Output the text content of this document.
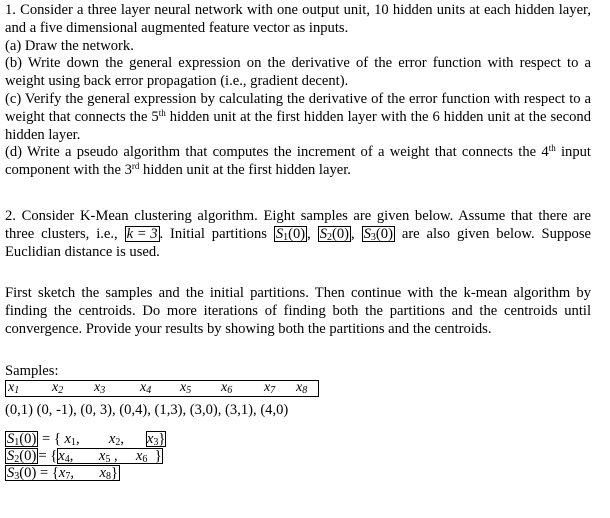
1. Consider a three layer neural network with one output unit, 10 hidden units at each hidden layer, and a five dimensional augmented feature vector as inputs.

(a) Draw the network.

(b) Write down the general expression on the derivative of the error function with respect to a weight using back error propagation (i.e., gradient decent).

(c) Verify the general expression by calculating the derivative of the error function with respect to a weight that connects the 5th hidden unit at the first hidden layer with the 6 hidden unit at the second hidden layer.

(d) Write a pseudo algorithm that computes the increment of a weight that connects the 4th input component with the 3rd hidden unit at the first hidden layer.

2. Consider K-Mean clustering algorithm. Eight samples are given below. Assume that there are three clusters, i.e., k = 3 . Initial partitions $S_1(0)$ , $S_2(0)$ , $S_3(0)$ are also given below. Suppose Euclidian distance is used.

First sketch the samples and the initial partitions. Then continue with the k-mean algorithm by finding the centroids. Do more iterations of finding both the partitions and the centroids until convergence. Provide your results by showing both the partitions and the centroids.

Samples:
$x_1$ $x_2$ $x_3$ $x_4$ $x_5$ $x_6$ $x_7$ $x_8$
(0,1) (0, -1), (0, 3), (0,4), (1,3), (3,0), (3,1), (4,0)
$S_1(0)$ = { $x_1$,        $x_2$,      $x_3$}
$S_2(0) = \{x_4$,       $x_5$ ,     $x_6$  }
$S_3(0) = \{x_7$,       $x_8$}
